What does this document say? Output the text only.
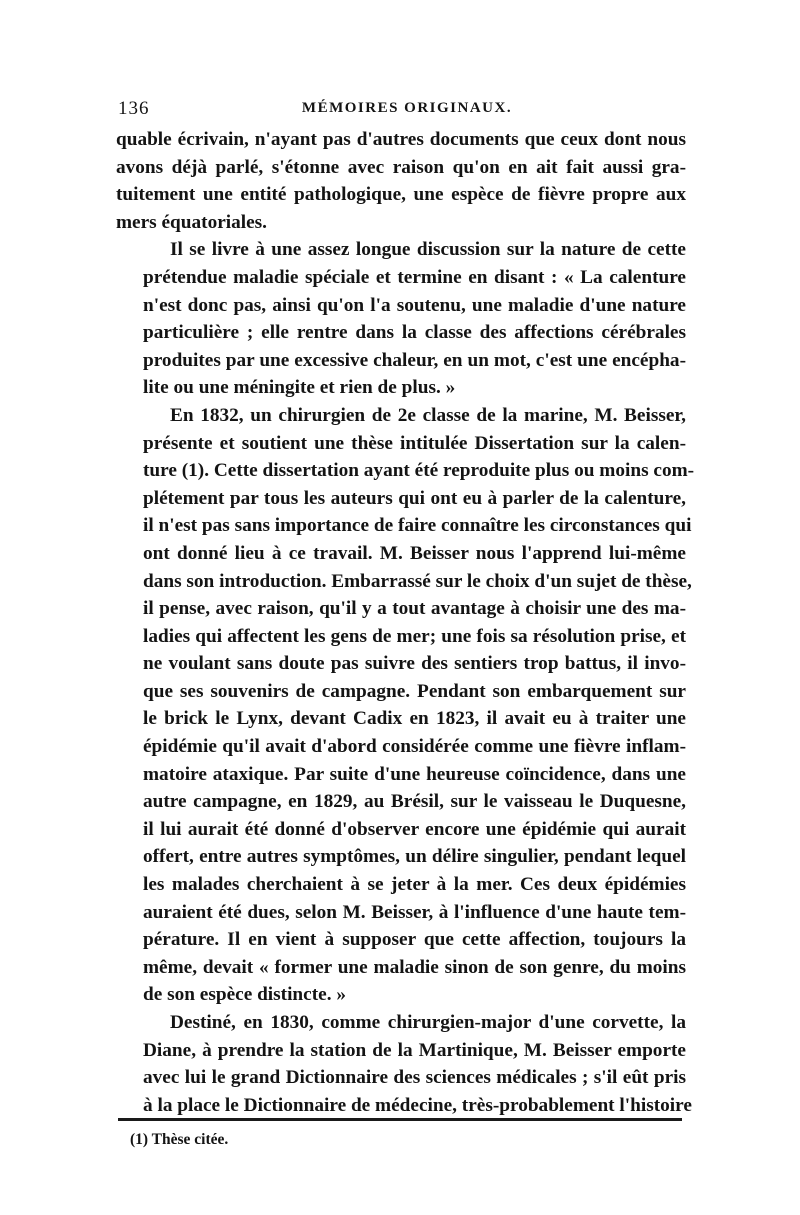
136	MÉMOIRES ORIGINAUX.

quable écrivain, n'ayant pas d'autres documents que ceux dont nous
avons déjà parlé, s'étonne avec raison qu'on en ait fait aussi gra-
tuitement une entité pathologique, une espèce de fièvre propre aux
mers équatoriales.

Il se livre à une assez longue discussion sur la nature de cette
prétendue maladie spéciale et termine en disant : « La calenture
n'est donc pas, ainsi qu'on l'a soutenu, une maladie d'une nature
particulière ; elle rentre dans la classe des affections cérébrales
produites par une excessive chaleur, en un mot, c'est une encépha-
lite ou une méningite et rien de plus. »

En 1832, un chirurgien de 2e classe de la marine, M. Beisser,
présente et soutient une thèse intitulée Dissertation sur la calen-
ture (1). Cette dissertation ayant été reproduite plus ou moins com-
plétement par tous les auteurs qui ont eu à parler de la calenture,
il n'est pas sans importance de faire connaître les circonstances qui
ont donné lieu à ce travail. M. Beisser nous l'apprend lui-même
dans son introduction. Embarrassé sur le choix d'un sujet de thèse,
il pense, avec raison, qu'il y a tout avantage à choisir une des ma-
ladies qui affectent les gens de mer; une fois sa résolution prise, et
ne voulant sans doute pas suivre des sentiers trop battus, il invo-
que ses souvenirs de campagne. Pendant son embarquement sur
le brick le Lynx, devant Cadix en 1823, il avait eu à traiter une
épidémie qu'il avait d'abord considérée comme une fièvre inflam-
matoire ataxique. Par suite d'une heureuse coïncidence, dans une
autre campagne, en 1829, au Brésil, sur le vaisseau le Duquesne,
il lui aurait été donné d'observer encore une épidémie qui aurait
offert, entre autres symptômes, un délire singulier, pendant lequel
les malades cherchaient à se jeter à la mer. Ces deux épidémies
auraient été dues, selon M. Beisser, à l'influence d'une haute tem-
pérature. Il en vient à supposer que cette affection, toujours la
même, devait « former une maladie sinon de son genre, du moins
de son espèce distincte. »

Destiné, en 1830, comme chirurgien-major d'une corvette, la
Diane, à prendre la station de la Martinique, M. Beisser emporte
avec lui le grand Dictionnaire des sciences médicales ; s'il eût pris
à la place le Dictionnaire de médecine, très-probablement l'histoire

(1) Thèse citée.
